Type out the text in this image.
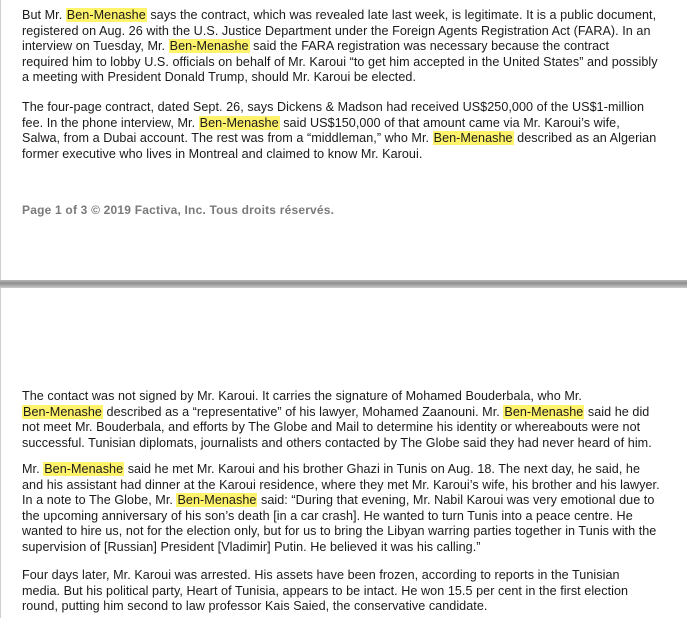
But Mr. Ben-Menashe says the contract, which was revealed late last week, is legitimate. It is a public document,
registered on Aug. 26 with the U.S. Justice Department under the Foreign Agents Registration Act (FARA). In an
interview on Tuesday, Mr. Ben-Menashe said the FARA registration was necessary because the contract
required him to lobby U.S. officials on behalf of Mr. Karoui “to get him accepted in the United States” and possibly
a meeting with President Donald Trump, should Mr. Karoui be elected.

The four-page contract, dated Sept. 26, says Dickens & Madson had received US$250,000 of the US$1-million
fee. In the phone interview, Mr. Ben-Menashe said US$150,000 of that amount came via Mr. Karoui’s wife,
Salwa, from a Dubai account. The rest was from a “middleman,” who Mr. Ben-Menashe described as an Algerian
former executive who lives in Montreal and claimed to know Mr. Karoui.

Page 1 of 3 © 2019 Factiva, Inc. Tous droits réservés.

The contact was not signed by Mr. Karoui. It carries the signature of Mohamed Bouderbala, who Mr.
Ben-Menashe described as a “representative” of his lawyer, Mohamed Zaanouni. Mr. Ben-Menashe said he did
not meet Mr. Bouderbala, and efforts by The Globe and Mail to determine his identity or whereabouts were not
successful. Tunisian diplomats, journalists and others contacted by The Globe said they had never heard of him.

Mr. Ben-Menashe said he met Mr. Karoui and his brother Ghazi in Tunis on Aug. 18. The next day, he said, he
and his assistant had dinner at the Karoui residence, where they met Mr. Karoui’s wife, his brother and his lawyer.
In a note to The Globe, Mr. Ben-Menashe said: “During that evening, Mr. Nabil Karoui was very emotional due to
the upcoming anniversary of his son’s death [in a car crash]. He wanted to turn Tunis into a peace centre. He
wanted to hire us, not for the election only, but for us to bring the Libyan warring parties together in Tunis with the
supervision of [Russian] President [Vladimir] Putin. He believed it was his calling.”

Four days later, Mr. Karoui was arrested. His assets have been frozen, according to reports in the Tunisian
media. But his political party, Heart of Tunisia, appears to be intact. He won 15.5 per cent in the first election
round, putting him second to law professor Kais Saied, the conservative candidate.
